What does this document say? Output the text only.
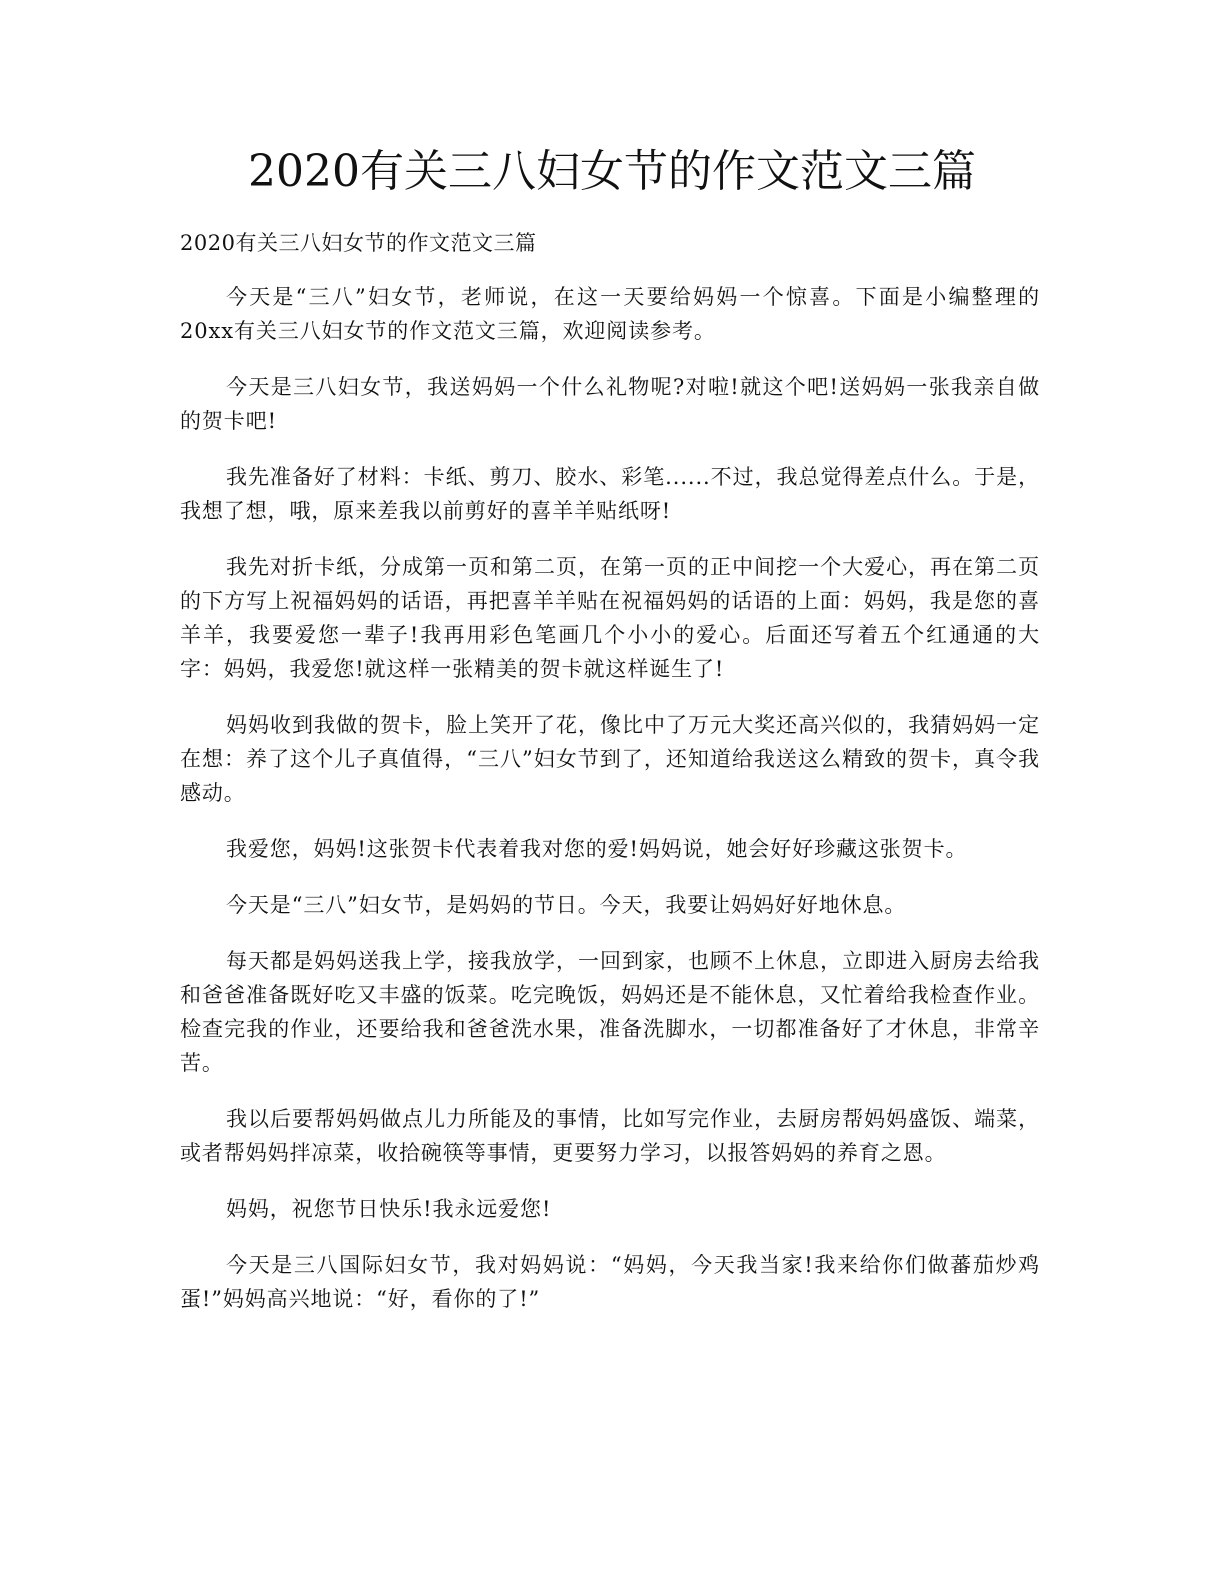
2020有关三八妇女节的作文范文三篇

2020有关三八妇女节的作文范文三篇

今天是“三八”妇女节，老师说，在这一天要给妈妈一个惊喜。下面是小编整理的20xx有关三八妇女节的作文范文三篇，欢迎阅读参考。

今天是三八妇女节，我送妈妈一个什么礼物呢?对啦!就这个吧!送妈妈一张我亲自做的贺卡吧!

我先准备好了材料：卡纸、剪刀、胶水、彩笔......不过，我总觉得差点什么。于是，我想了想，哦，原来差我以前剪好的喜羊羊贴纸呀!

我先对折卡纸，分成第一页和第二页，在第一页的正中间挖一个大爱心，再在第二页的下方写上祝福妈妈的话语，再把喜羊羊贴在祝福妈妈的话语的上面：妈妈，我是您的喜羊羊，我要爱您一辈子!我再用彩色笔画几个小小的爱心。后面还写着五个红通通的大字：妈妈，我爱您!就这样一张精美的贺卡就这样诞生了!

妈妈收到我做的贺卡，脸上笑开了花，像比中了万元大奖还高兴似的，我猜妈妈一定在想：养了这个儿子真值得，“三八”妇女节到了，还知道给我送这么精致的贺卡，真令我感动。

我爱您，妈妈!这张贺卡代表着我对您的爱!妈妈说，她会好好珍藏这张贺卡。

今天是“三八”妇女节，是妈妈的节日。今天，我要让妈妈好好地休息。

每天都是妈妈送我上学，接我放学，一回到家，也顾不上休息，立即进入厨房去给我和爸爸准备既好吃又丰盛的饭菜。吃完晚饭，妈妈还是不能休息，又忙着给我检查作业。检查完我的作业，还要给我和爸爸洗水果，准备洗脚水，一切都准备好了才休息，非常辛苦。

我以后要帮妈妈做点儿力所能及的事情，比如写完作业，去厨房帮妈妈盛饭、端菜，或者帮妈妈拌凉菜，收拾碗筷等事情，更要努力学习，以报答妈妈的养育之恩。

妈妈，祝您节日快乐!我永远爱您!

今天是三八国际妇女节，我对妈妈说：“妈妈，今天我当家!我来给你们做蕃茄炒鸡蛋!”妈妈高兴地说：“好，看你的了!”
